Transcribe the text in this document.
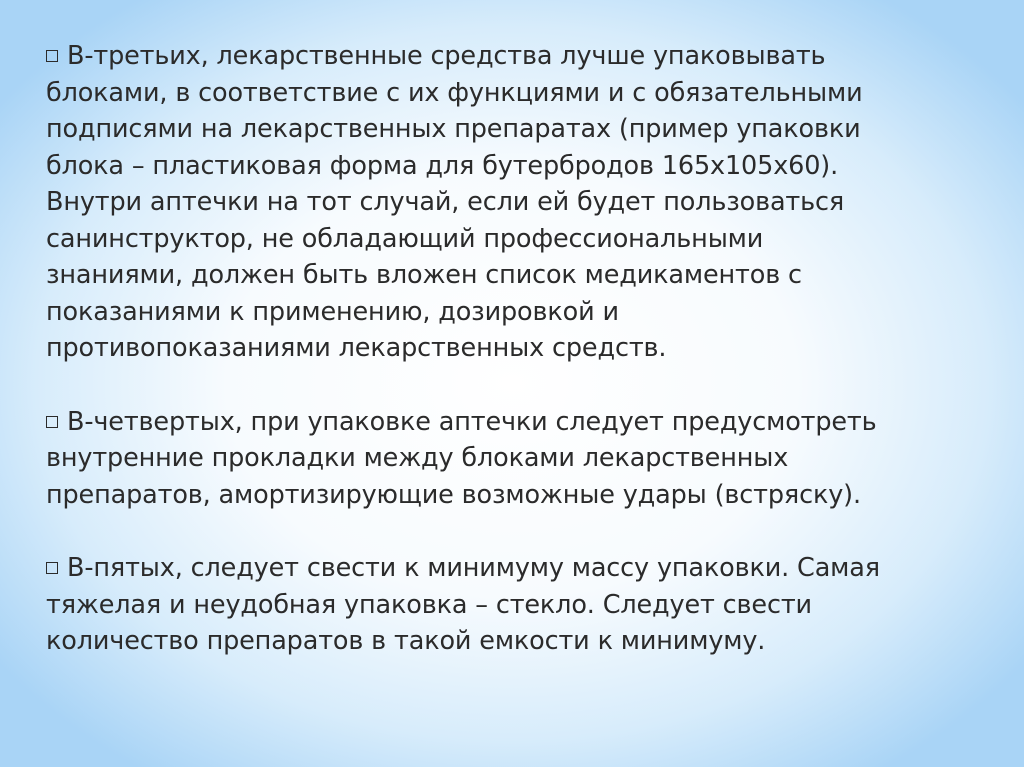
В-третьих, лекарственные средства лучше упаковывать
блоками, в соответствие с их функциями и с обязательными
подписями на лекарственных препаратах (пример упаковки
блока – пластиковая форма для бутербродов 165х105х60).
Внутри аптечки на тот случай, если ей будет пользоваться
санинструктор, не обладающий профессиональными
знаниями, должен быть вложен список медикаментов с
показаниями к применению, дозировкой и
противопоказаниями лекарственных средств.

В-четвертых, при упаковке аптечки следует предусмотреть
внутренние прокладки между блоками лекарственных
препаратов, амортизирующие возможные удары (встряску).

В-пятых, следует свести к минимуму массу упаковки. Самая
тяжелая и неудобная упаковка – стекло. Следует свести
количество препаратов в такой емкости к минимуму.
